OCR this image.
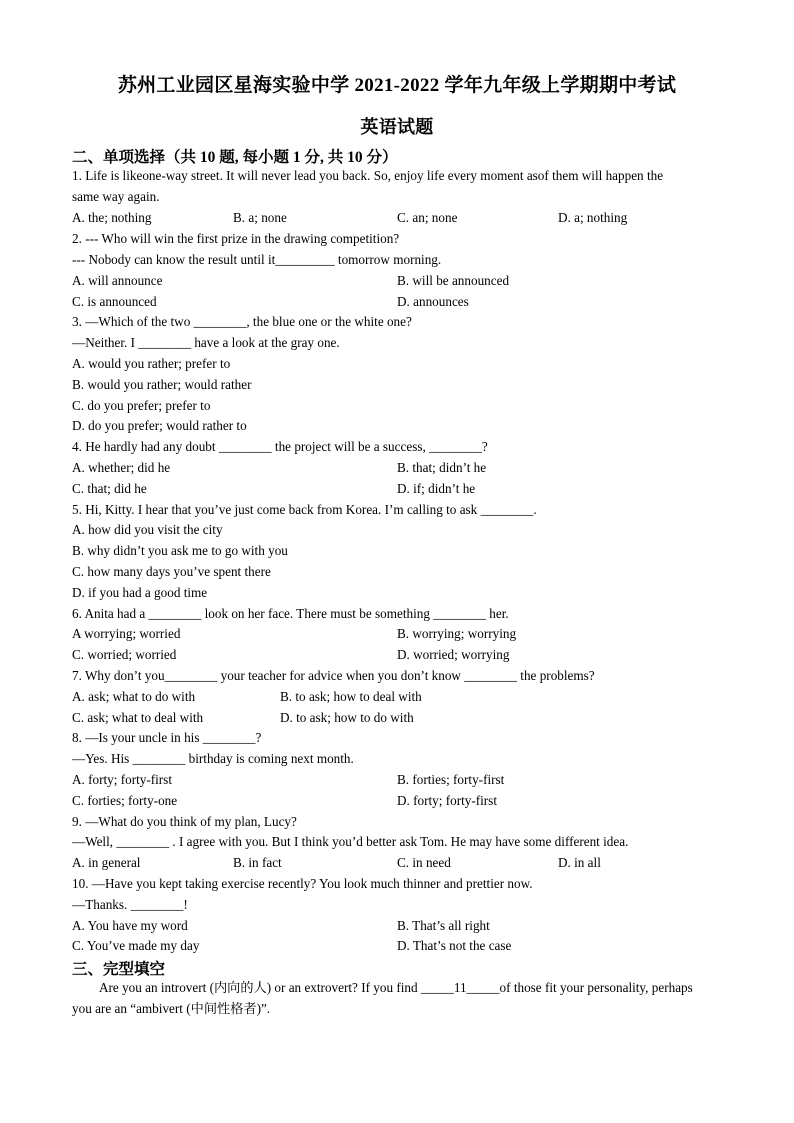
苏州工业园区星海实验中学 2021-2022 学年九年级上学期期中考试
英语试题
二、单项选择（共 10 题, 每小题 1 分, 共 10 分）
1. Life is likeone-way street. It will never lead you back. So, enjoy life every moment asof them will happen the
same way again.
A. the; nothing	B. a; none	C. an; none	D. a; nothing
2. --- Who will win the first prize in the drawing competition?
--- Nobody can know the result until it_________ tomorrow morning.
A. will announce	B. will be announced
C. is announced	D. announces
3. —Which of the two ________, the blue one or the white one?
—Neither. I ________ have a look at the gray one.
A. would you rather; prefer to
B. would you rather; would rather
C. do you prefer; prefer to
D. do you prefer; would rather to
4. He hardly had any doubt ________ the project will be a success, ________?
A. whether; did he	B. that; didn’t he
C. that; did he	D. if; didn’t he
5. Hi, Kitty. I hear that you’ve just come back from Korea. I’m calling to ask ________.
A. how did you visit the city
B. why didn’t you ask me to go with you
C. how many days you’ve spent there
D. if you had a good time
6. Anita had a ________ look on her face. There must be something ________ her.
A worrying; worried	B. worrying; worrying
C. worried; worried	D. worried; worrying
7. Why don’t you________ your teacher for advice when you don’t know ________ the problems?
A. ask; what to do with	B. to ask; how to deal with
C. ask; what to deal with	D. to ask; how to do with
8. —Is your uncle in his ________?
—Yes. His ________ birthday is coming next month.
A. forty; forty-first	B. forties; forty-first
C. forties; forty-one	D. forty; forty-first
9. —What do you think of my plan, Lucy?
—Well, ________ . I agree with you. But I think you’d better ask Tom. He may have some different idea.
A. in general	B. in fact	C. in need	D. in all
10. —Have you kept taking exercise recently? You look much thinner and prettier now.
—Thanks. ________!
A. You have my word	B. That’s all right
C. You’ve made my day	D. That’s not the case
三、完型填空
Are you an introvert (内向的人) or an extrovert? If you find _____11_____of those fit your personality, perhaps
you are an “ambivert (中间性格者)”.
